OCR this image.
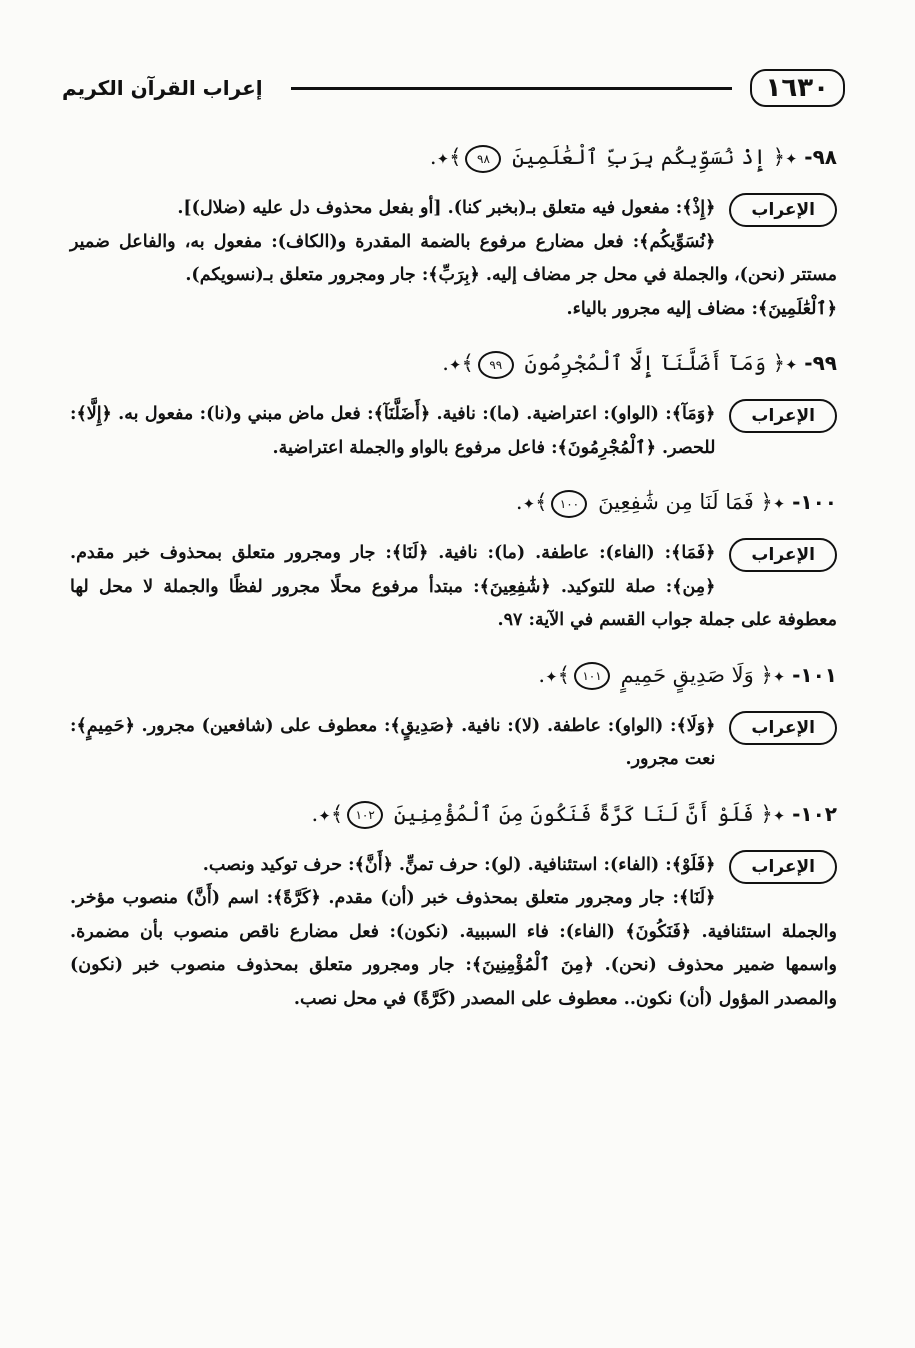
١٦٣٠
إعراب القرآن الكريم
٩٨- ✦﴿ إِذْ نُسَوِّيكُم بِرَبِّ ٱلْعَٰلَمِينَ ٩٨﴾✦.
الإعراب

﴿إِذْ﴾: مفعول فيه متعلق بـ(بخبر كنا). [أو بفعل محذوف دل عليه (ضلال)].

﴿نُسَوِّيكُم﴾: فعل مضارع مرفوع بالضمة المقدرة و(الكاف): مفعول به، والفاعل ضمير مستتر (نحن)، والجملة في محل جر مضاف إليه. ﴿بِرَبِّ﴾: جار ومجرور متعلق بـ(نسويكم).

﴿ٱلْعَٰلَمِينَ﴾: مضاف إليه مجرور بالياء.

٩٩- ✦﴿ وَمَآ أَضَلَّنَآ إِلَّا ٱلْمُجْرِمُونَ ٩٩﴾✦.
الإعراب

﴿وَمَآ﴾: (الواو): اعتراضية. (ما): نافية. ﴿أَضَلَّنَآ﴾: فعل ماض مبني و(نا): مفعول به. ﴿إِلَّا﴾: للحصر. ﴿ٱلْمُجْرِمُونَ﴾: فاعل مرفوع بالواو والجملة اعتراضية.

١٠٠- ✦﴿ فَمَا لَنَا مِن شَٰفِعِينَ ١٠٠﴾✦.
الإعراب

﴿فَمَا﴾: (الفاء): عاطفة. (ما): نافية. ﴿لَنَا﴾: جار ومجرور متعلق بمحذوف خبر مقدم. ﴿مِن﴾: صلة للتوكيد. ﴿شَٰفِعِينَ﴾: مبتدأ مرفوع محلًا مجرور لفظًا والجملة لا محل لها معطوفة على جملة جواب القسم في الآية: ٩٧.

١٠١- ✦﴿ وَلَا صَدِيقٍ حَمِيمٍ ١٠١﴾✦.
الإعراب

﴿وَلَا﴾: (الواو): عاطفة. (لا): نافية. ﴿صَدِيقٍ﴾: معطوف على (شافعين) مجرور. ﴿حَمِيمٍ﴾: نعت مجرور.

١٠٢- ✦﴿ فَلَوْ أَنَّ لَنَا كَرَّةً فَنَكُونَ مِنَ ٱلْمُؤْمِنِينَ ١٠٢﴾✦.
الإعراب

﴿فَلَوْ﴾: (الفاء): استئنافية. (لو): حرف تمنٍّ. ﴿أَنَّ﴾: حرف توكيد ونصب.

﴿لَنَا﴾: جار ومجرور متعلق بمحذوف خبر (أن) مقدم. ﴿كَرَّةً﴾: اسم (أَنَّ) منصوب مؤخر. والجملة استئنافية. ﴿فَنَكُونَ﴾ (الفاء): فاء السببية. (نكون): فعل مضارع ناقص منصوب بأن مضمرة. واسمها ضمير محذوف (نحن). ﴿مِنَ ٱلْمُؤْمِنِينَ﴾: جار ومجرور متعلق بمحذوف منصوب خبر (نكون) والمصدر المؤول (أن) نكون.. معطوف على المصدر (كَرَّةً) في محل نصب.
